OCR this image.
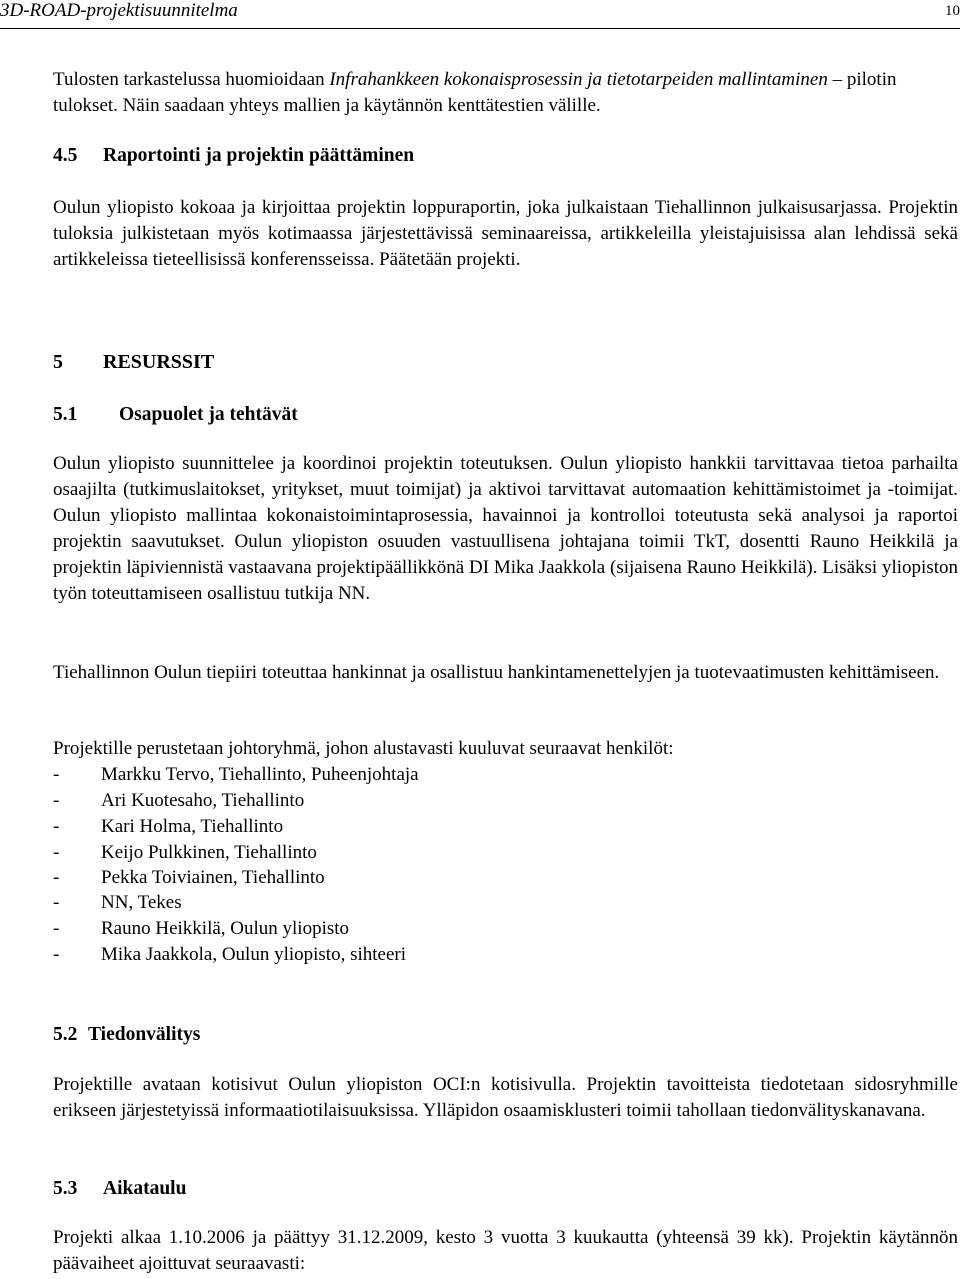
3D-ROAD-projektisuunnitelma	10
Tulosten tarkastelussa huomioidaan Infrahankkeen kokonaisprosessin ja tietotarpeiden mallintaminen – pilotin tulokset. Näin saadaan yhteys mallien ja käytännön kenttätestien välille.
4.5 Raportointi ja projektin päättäminen
Oulun yliopisto kokoaa ja kirjoittaa projektin loppuraportin, joka julkaistaan Tiehallinnon julkaisusarjassa. Projektin tuloksia julkistetaan myös kotimaassa järjestettävissä seminaareissa, artikkeleilla yleistajuisissa alan lehdissä sekä artikkeleissa tieteellisissä konferensseissa. Päätetään projekti.
5 RESURSSIT
5.1 Osapuolet ja tehtävät
Oulun yliopisto suunnittelee ja koordinoi projektin toteutuksen. Oulun yliopisto hankkii tarvittavaa tietoa parhailta osaajilta (tutkimuslaitokset, yritykset, muut toimijat) ja aktivoi tarvittavat automaation kehittämistoimet ja -toimijat. Oulun yliopisto mallintaa kokonaistoimintaprosessia, havainnoi ja kontrolloi toteutusta sekä analysoi ja raportoi projektin saavutukset. Oulun yliopiston osuuden vastuullisena johtajana toimii TkT, dosentti Rauno Heikkilä ja projektin läpiviennistä vastaavana projektipäällikkönä DI Mika Jaakkola (sijaisena Rauno Heikkilä). Lisäksi yliopiston työn toteuttamiseen osallistuu tutkija NN.
Tiehallinnon Oulun tiepiiri toteuttaa hankinnat ja osallistuu hankintamenettelyjen ja tuotevaatimusten kehittämiseen.
Projektille perustetaan johtoryhmä, johon alustavasti kuuluvat seuraavat henkilöt:
- Markku Tervo, Tiehallinto, Puheenjohtaja
- Ari Kuotesaho, Tiehallinto
- Kari Holma, Tiehallinto
- Keijo Pulkkinen, Tiehallinto
- Pekka Toiviainen, Tiehallinto
- NN, Tekes
- Rauno Heikkilä, Oulun yliopisto
- Mika Jaakkola, Oulun yliopisto, sihteeri
5.2 Tiedonvälitys
Projektille avataan kotisivut Oulun yliopiston OCI:n kotisivulla. Projektin tavoitteista tiedotetaan sidosryhmille erikseen järjestetyissä informaatiotilaisuuksissa. Ylläpidon osaamisklusteri toimii tahollaan tiedonvälityskanavana.
5.3 Aikataulu
Projekti alkaa 1.10.2006 ja päättyy 31.12.2009, kesto 3 vuotta 3 kuukautta (yhteensä 39 kk). Projektin käytännön päävaiheet ajoittuvat seuraavasti:
